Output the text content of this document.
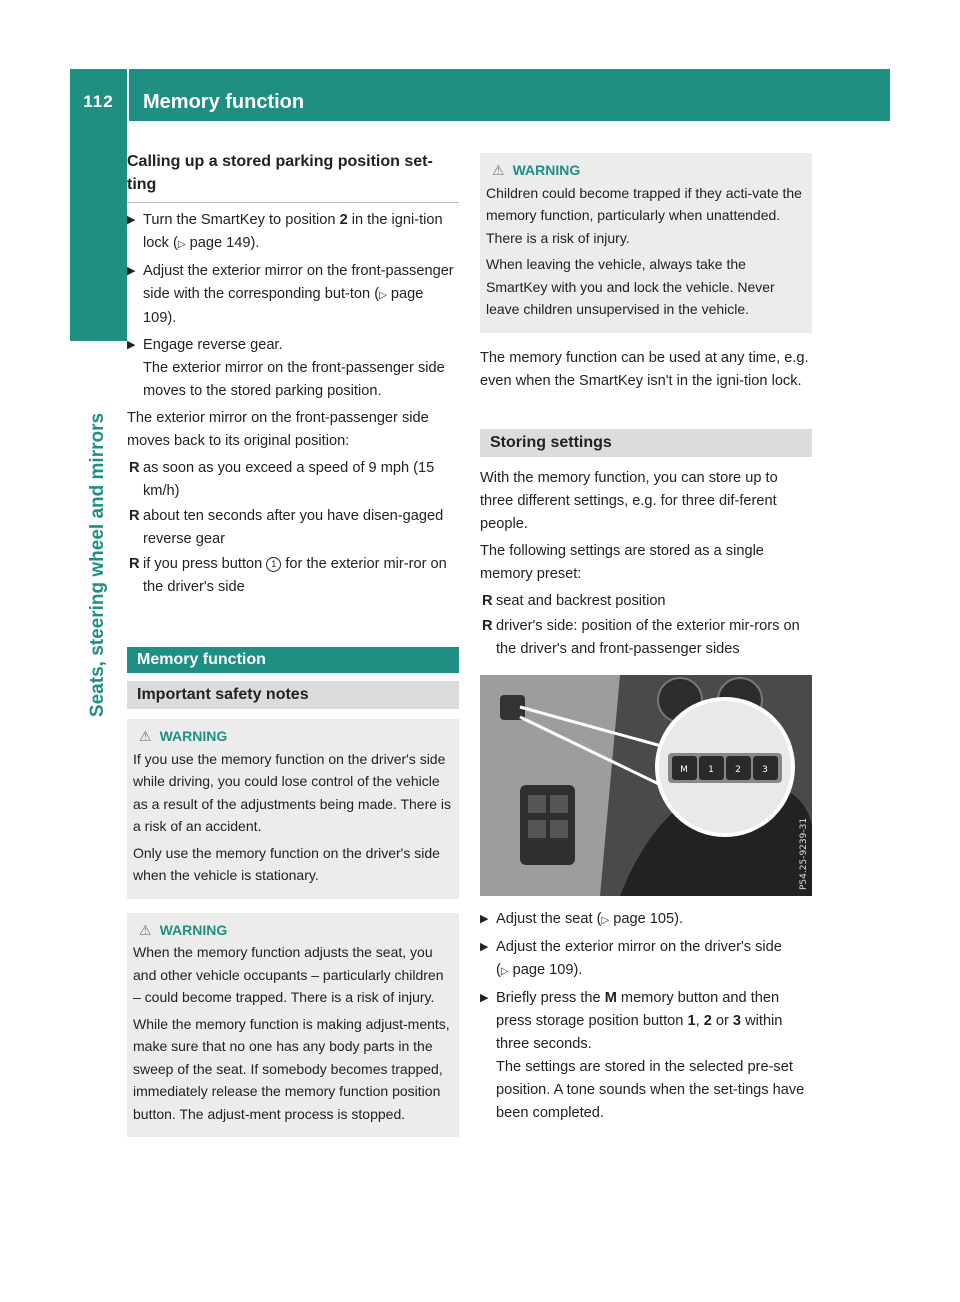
112	Memory function
Seats, steering wheel and mirrors
Calling up a stored parking position set-ting
▶ Turn the SmartKey to position 2 in the igni-tion lock (▷ page 149).
▶ Adjust the exterior mirror on the front-passenger side with the corresponding but-ton (▷ page 109).
▶ Engage reverse gear.
The exterior mirror on the front-passenger side moves to the stored parking position.

The exterior mirror on the front-passenger side moves back to its original position:

R as soon as you exceed a speed of 9 mph (15 km/h)
R about ten seconds after you have disen-gaged reverse gear
R if you press button 1 for the exterior mir-ror on the driver's side
Memory function
Important safety notes
⚠ WARNING

If you use the memory function on the driver's side while driving, you could lose control of the vehicle as a result of the adjustments being made. There is a risk of an accident.

Only use the memory function on the driver's side when the vehicle is stationary.

⚠ WARNING

When the memory function adjusts the seat, you and other vehicle occupants – particularly children – could become trapped. There is a risk of injury.

While the memory function is making adjust-ments, make sure that no one has any body parts in the sweep of the seat. If somebody becomes trapped, immediately release the memory function position button. The adjust-ment process is stopped.

⚠ WARNING

Children could become trapped if they acti-vate the memory function, particularly when unattended. There is a risk of injury.

When leaving the vehicle, always take the SmartKey with you and lock the vehicle. Never leave children unsupervised in the vehicle.

The memory function can be used at any time, e.g. even when the SmartKey isn't in the igni-tion lock.

Storing settings

With the memory function, you can store up to three different settings, e.g. for three dif-ferent people.

The following settings are stored as a single memory preset:

R seat and backrest position
R driver's side: position of the exterior mir-rors on the driver's and front-passenger sides
M 1 2 3
P54.25-9239-31
▶ Adjust the seat (▷ page 105).
▶ Adjust the exterior mirror on the driver's side (▷ page 109).
▶ Briefly press the M memory button and then press storage position button 1, 2 or 3 within three seconds.
The settings are stored in the selected pre-set position. A tone sounds when the set-tings have been completed.
